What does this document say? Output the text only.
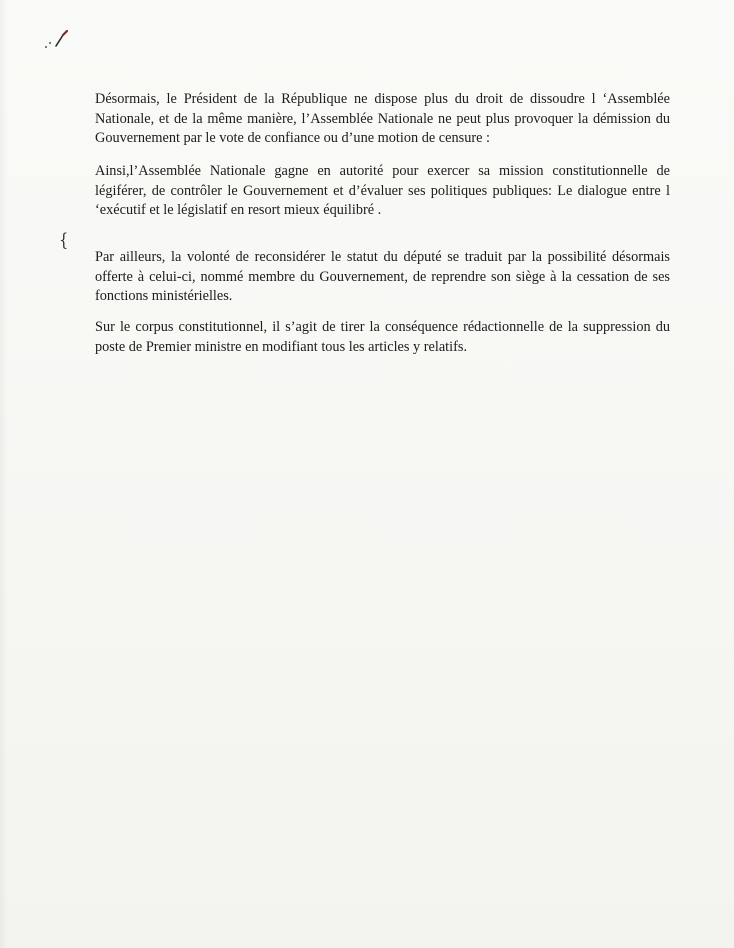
{

Désormais, le Président de la République ne dispose plus du droit de dissoudre l ‘Assemblée Nationale, et de la même manière, l’Assemblée Nationale ne peut plus provoquer la démission du Gouvernement par le vote de confiance ou d’une motion de censure :

Ainsi,l’Assemblée Nationale gagne en autorité pour exercer sa mission constitutionnelle de légiférer, de contrôler le Gouvernement et d’évaluer ses politiques publiques: Le dialogue entre l ‘exécutif et le législatif en resort mieux équilibré .

Par ailleurs, la volonté de reconsidérer le statut du député se traduit par la possibilité désormais offerte à celui-ci, nommé membre du Gouvernement, de reprendre son siège à la cessation de ses fonctions ministérielles.

Sur le corpus constitutionnel, il s’agit de tirer la conséquence rédactionnelle de la suppression du poste de Premier ministre en modifiant tous les articles y relatifs.
